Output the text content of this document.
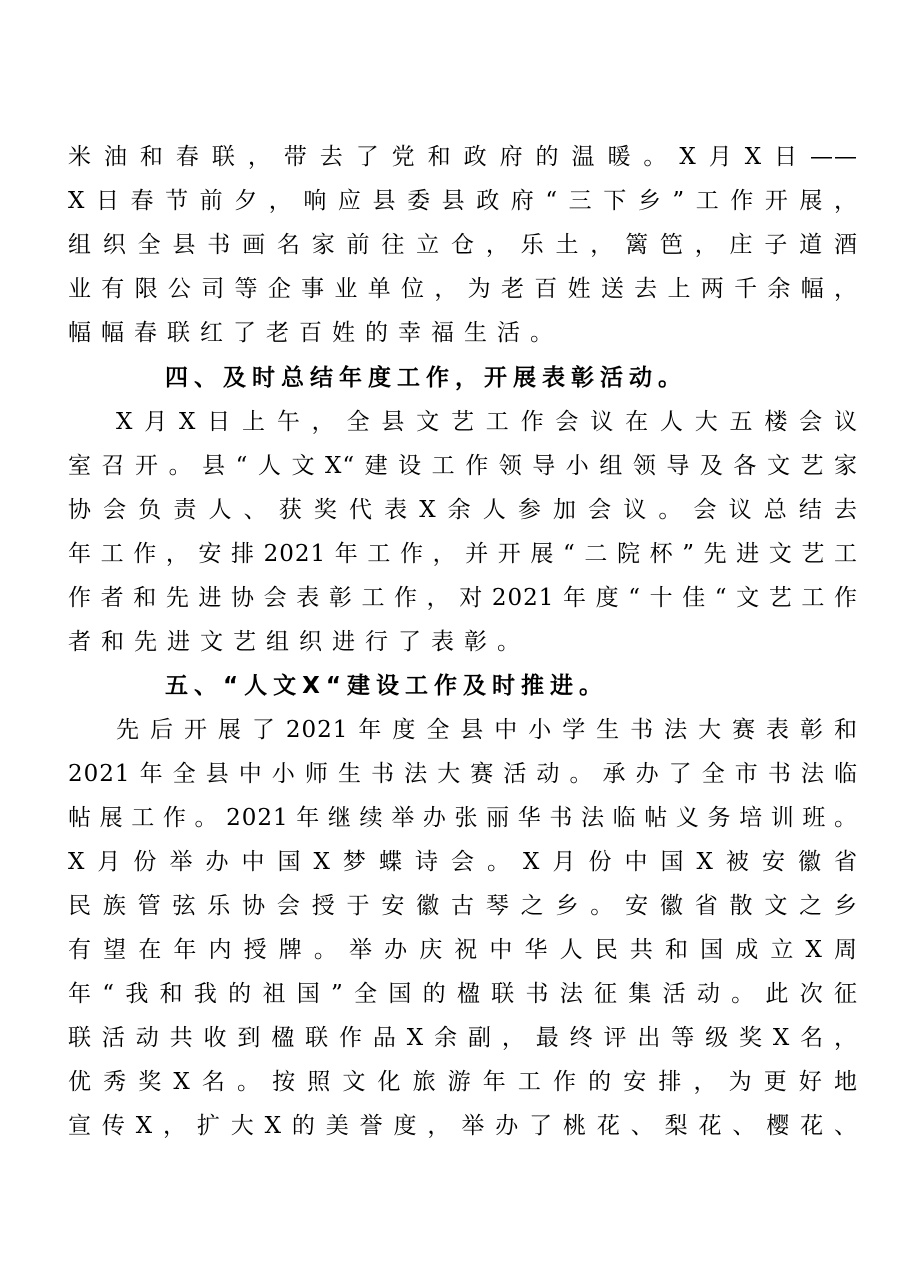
米油和春联，带去了党和政府的温暖。X月X日——
X日春节前夕，响应县委县政府“三下乡”工作开展，
组织全县书画名家前往立仓，乐土，篱笆，庄子道酒
业有限公司等企事业单位，为老百姓送去上两千余幅，
幅幅春联红了老百姓的幸福生活。
四、及时总结年度工作，开展表彰活动。
X月X日上午，全县文艺工作会议在人大五楼会议
室召开。县“人文X“建设工作领导小组领导及各文艺家
协会负责人、获奖代表X余人参加会议。会议总结去
年工作，安排2021年工作，并开展“二院杯”先进文艺工
作者和先进协会表彰工作，对2021年度“十佳“文艺工作
者和先进文艺组织进行了表彰。
五、“人文X“建设工作及时推进。
先后开展了2021年度全县中小学生书法大赛表彰和
2021年全县中小师生书法大赛活动。承办了全市书法临
帖展工作。2021年继续举办张丽华书法临帖义务培训班。
X月份举办中国X梦蝶诗会。X月份中国X被安徽省
民族管弦乐协会授于安徽古琴之乡。安徽省散文之乡
有望在年内授牌。举办庆祝中华人民共和国成立X周
年“我和我的祖国”全国的楹联书法征集活动。此次征
联活动共收到楹联作品X余副，最终评出等级奖X名，
优秀奖X名。按照文化旅游年工作的安排，为更好地
宣传X，扩大X的美誉度，举办了桃花、梨花、樱花、
